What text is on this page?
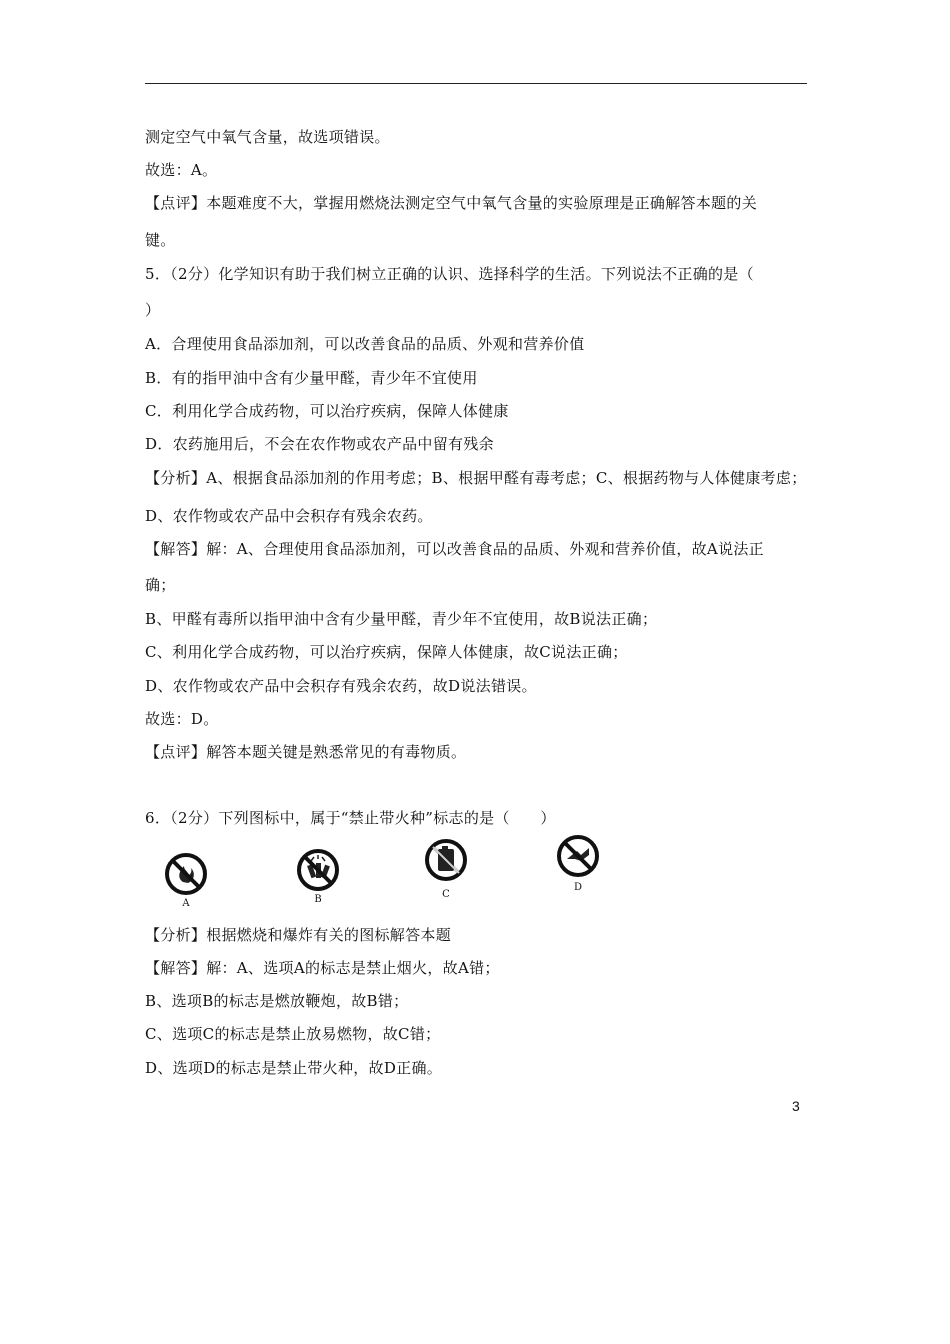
测定空气中氧气含量，故选项错误。
故选：A。
【点评】本题难度不大，掌握用燃烧法测定空气中氧气含量的实验原理是正确解答本题的关
键。
5．（2分）化学知识有助于我们树立正确的认识、选择科学的生活。下列说法不正确的是（
）
A．合理使用食品添加剂，可以改善食品的品质、外观和营养价值
B．有的指甲油中含有少量甲醛，青少年不宜使用
C．利用化学合成药物，可以治疗疾病，保障人体健康
D．农药施用后，不会在农作物或农产品中留有残余
【分析】A、根据食品添加剂的作用考虑；B、根据甲醛有毒考虑；C、根据药物与人体健康考虑；
D、农作物或农产品中会积存有残余农药。
【解答】解：A、合理使用食品添加剂，可以改善食品的品质、外观和营养价值，故A说法正
确；
B、甲醛有毒所以指甲油中含有少量甲醛，青少年不宜使用，故B说法正确；
C、利用化学合成药物，可以治疗疾病，保障人体健康，故C说法正确；
D、农作物或农产品中会积存有残余农药，故D说法错误。
故选：D。
【点评】解答本题关键是熟悉常见的有毒物质。
6．（2分）下列图标中，属于“禁止带火种”标志的是（　　）
【分析】根据燃烧和爆炸有关的图标解答本题
【解答】解：A、选项A的标志是禁止烟火，故A错；
B、选项B的标志是燃放鞭炮，故B错；
C、选项C的标志是禁止放易燃物，故C错；
D、选项D的标志是禁止带火种，故D正确。
A	B	C
D
3
